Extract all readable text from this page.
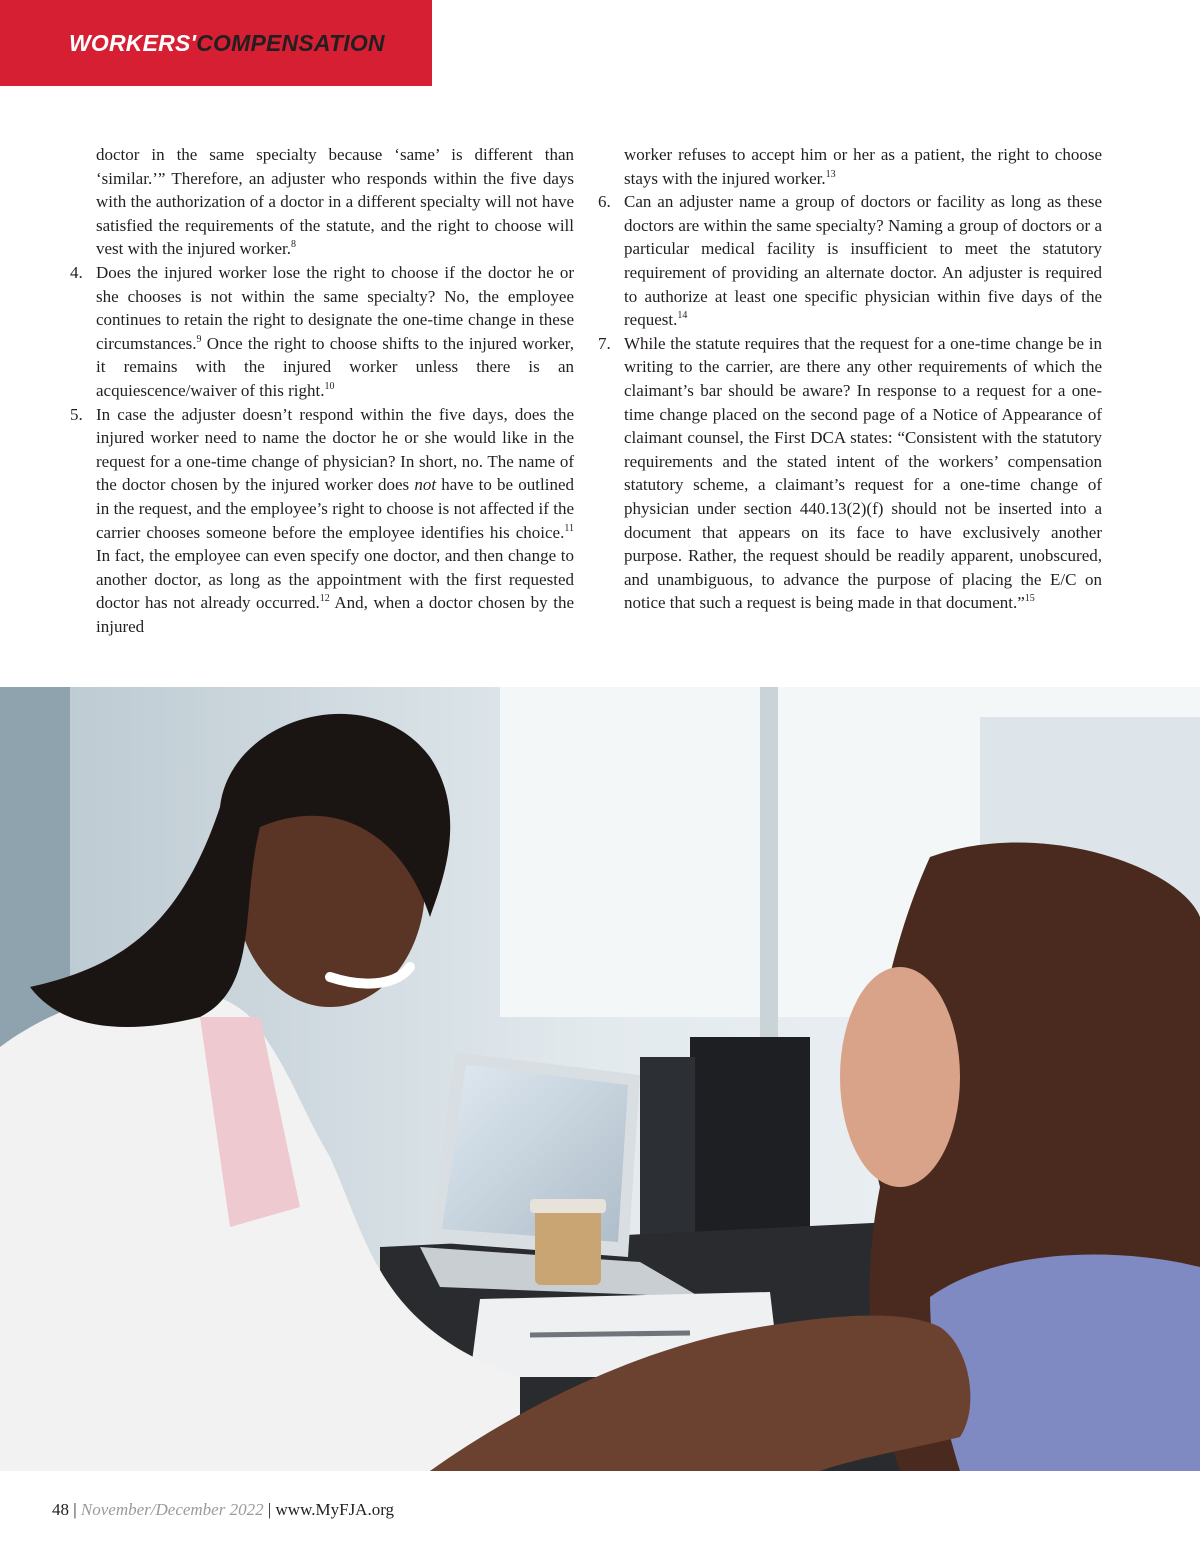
WORKERS'COMPENSATION

doctor in the same specialty because ‘same’ is different than ‘similar.’” Therefore, an adjuster who responds within the five days with the authorization of a doctor in a different specialty will not have satisfied the requirements of the statute, and the right to choose will vest with the injured worker.$^8$

4. Does the injured worker lose the right to choose if the doctor he or she chooses is not within the same specialty? No, the employee continues to retain the right to designate the one-time change in these circumstances.$^9$ Once the right to choose shifts to the injured worker, it remains with the injured worker unless there is an acquiescence/waiver of this right.$^{10}$

5. In case the adjuster doesn’t respond within the five days, does the injured worker need to name the doctor he or she would like in the request for a one-time change of physician? In short, no. The name of the doctor chosen by the injured worker does not have to be outlined in the request, and the employee’s right to choose is not affected if the carrier chooses someone before the employee identifies his choice.$^{11}$ In fact, the employee can even specify one doctor, and then change to another doctor, as long as the appointment with the first requested doctor has not already occurred.$^{12}$ And, when a doctor chosen by the injured

worker refuses to accept him or her as a patient, the right to choose stays with the injured worker.$^{13}$

6. Can an adjuster name a group of doctors or facility as long as these doctors are within the same specialty? Naming a group of doctors or a particular medical facility is insufficient to meet the statutory requirement of providing an alternate doctor. An adjuster is required to authorize at least one specific physician within five days of the request.$^{14}$

7. While the statute requires that the request for a one-time change be in writing to the carrier, are there any other requirements of which the claimant’s bar should be aware? In response to a request for a one-time change placed on the second page of a Notice of Appearance of claimant counsel, the First DCA states: “Consistent with the statutory requirements and the stated intent of the workers’ compensation statutory scheme, a claimant’s request for a one-time change of physician under section 440.13(2)(f) should not be inserted into a document that appears on its face to have exclusively another purpose. Rather, the request should be readily apparent, unobscured, and unambiguous, to advance the purpose of placing the E/C on notice that such a request is being made in that document.”$^{15}$

48 | November/December 2022 | www.MyFJA.org
